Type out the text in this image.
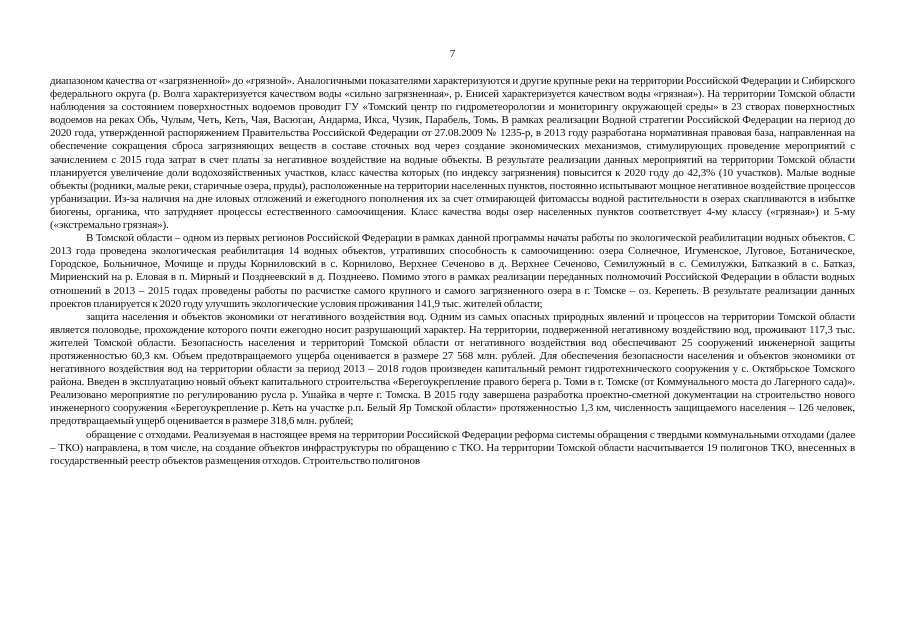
7

диапазоном качества от «загрязненной» до «грязной». Аналогичными показателями характеризуются и другие крупные реки на территории Российской Федерации и Сибирского федерального округа (р. Волга характеризуется качеством воды «сильно загрязненная», р. Енисей характеризуется качеством воды «грязная»). На территории Томской области наблюдения за состоянием поверхностных водоемов проводит ГУ «Томский центр по гидрометеорологии и мониторингу окружающей среды» в 23 створах поверхностных водоемов на реках Обь, Чулым, Четь, Кеть, Чая, Васюган, Андарма, Икса, Чузик, Парабель, Томь. В рамках реализации Водной стратегии Российской Федерации на период до 2020 года, утвержденной распоряжением Правительства Российской Федерации от 27.08.2009 № 1235-р, в 2013 году разработана нормативная правовая база, направленная на обеспечение сокращения сброса загрязняющих веществ в составе сточных вод через создание экономических механизмов, стимулирующих проведение мероприятий с зачислением с 2015 года затрат в счет платы за негативное воздействие на водные объекты. В результате реализации данных мероприятий на территории Томской области планируется увеличение доли водохозяйственных участков, класс качества которых (по индексу загрязнения) повысится к 2020 году до 42,3% (10 участков). Малые водные объекты (родники, малые реки, старичные озера, пруды), расположенные на территории населенных пунктов, постоянно испытывают мощное негативное воздействие процессов урбанизации. Из-за наличия на дне иловых отложений и ежегодного пополнения их за счет отмирающей фитомассы водной растительности в озерах скапливаются в избытке биогены, органика, что затрудняет процессы естественного самоочищения. Класс качества воды озер населенных пунктов соответствует 4-му классу («грязная») и 5-му («экстремально грязная»).

В Томской области – одном из первых регионов Российской Федерации в рамках данной программы начаты работы по экологической реабилитации водных объектов. С 2013 года проведена экологическая реабилитация 14 водных объектов, утративших способность к самоочищению: озера Солнечное, Игуменское, Луговое, Ботаническое, Городское, Больничное, Мочище и пруды Корниловский в с. Корнилово, Верхнее Сеченово в д. Верхнее Сеченово, Семилужный в с. Семилужки, Батказкий в с. Батказ, Мириенский на р. Еловая в п. Мирный и Позднеевский в д. Позднеево. Помимо этого в рамках реализации переданных полномочий Российской Федерации в области водных отношений в 2013 – 2015 годах проведены работы по расчистке самого крупного и самого загрязненного озера в г. Томске – оз. Керепеть. В результате реализации данных проектов планируется к 2020 году улучшить экологические условия проживания 141,9 тыс. жителей области;

защита населения и объектов экономики от негативного воздействия вод. Одним из самых опасных природных явлений и процессов на территории Томской области является половодье, прохождение которого почти ежегодно носит разрушающий характер. На территории, подверженной негативному воздействию вод, проживают 117,3 тыс. жителей Томской области. Безопасность населения и территорий Томской области от негативного воздействия вод обеспечивают 25 сооружений инженерной защиты протяженностью 60,3 км. Объем предотвращаемого ущерба оценивается в размере 27 568 млн. рублей. Для обеспечения безопасности населения и объектов экономики от негативного воздействия вод на территории области за период 2013 – 2018 годов произведен капитальный ремонт гидротехнического сооружения у с. Октябрьское Томского района. Введен в эксплуатацию новый объект капитального строительства «Берегоукрепление правого берега р. Томи в г. Томске (от Коммунального моста до Лагерного сада)». Реализовано мероприятие по регулированию русла р. Ушайка в черте г. Томска. В 2015 году завершена разработка проектно-сметной документации на строительство нового инженерного сооружения «Берегоукрепление р. Кеть на участке р.п. Белый Яр Томской области» протяженностью 1,3 км, численность защищаемого населения – 126 человек, предотвращаемый ущерб оценивается в размере 318,6 млн. рублей;

обращение с отходами. Реализуемая в настоящее время на территории Российской Федерации реформа системы обращения с твердыми коммунальными отходами (далее – ТКО) направлена, в том числе, на создание объектов инфраструктуры по обращению с ТКО. На территории Томской области насчитывается 19 полигонов ТКО, внесенных в государственный реестр объектов размещения отходов. Строительство полигонов
